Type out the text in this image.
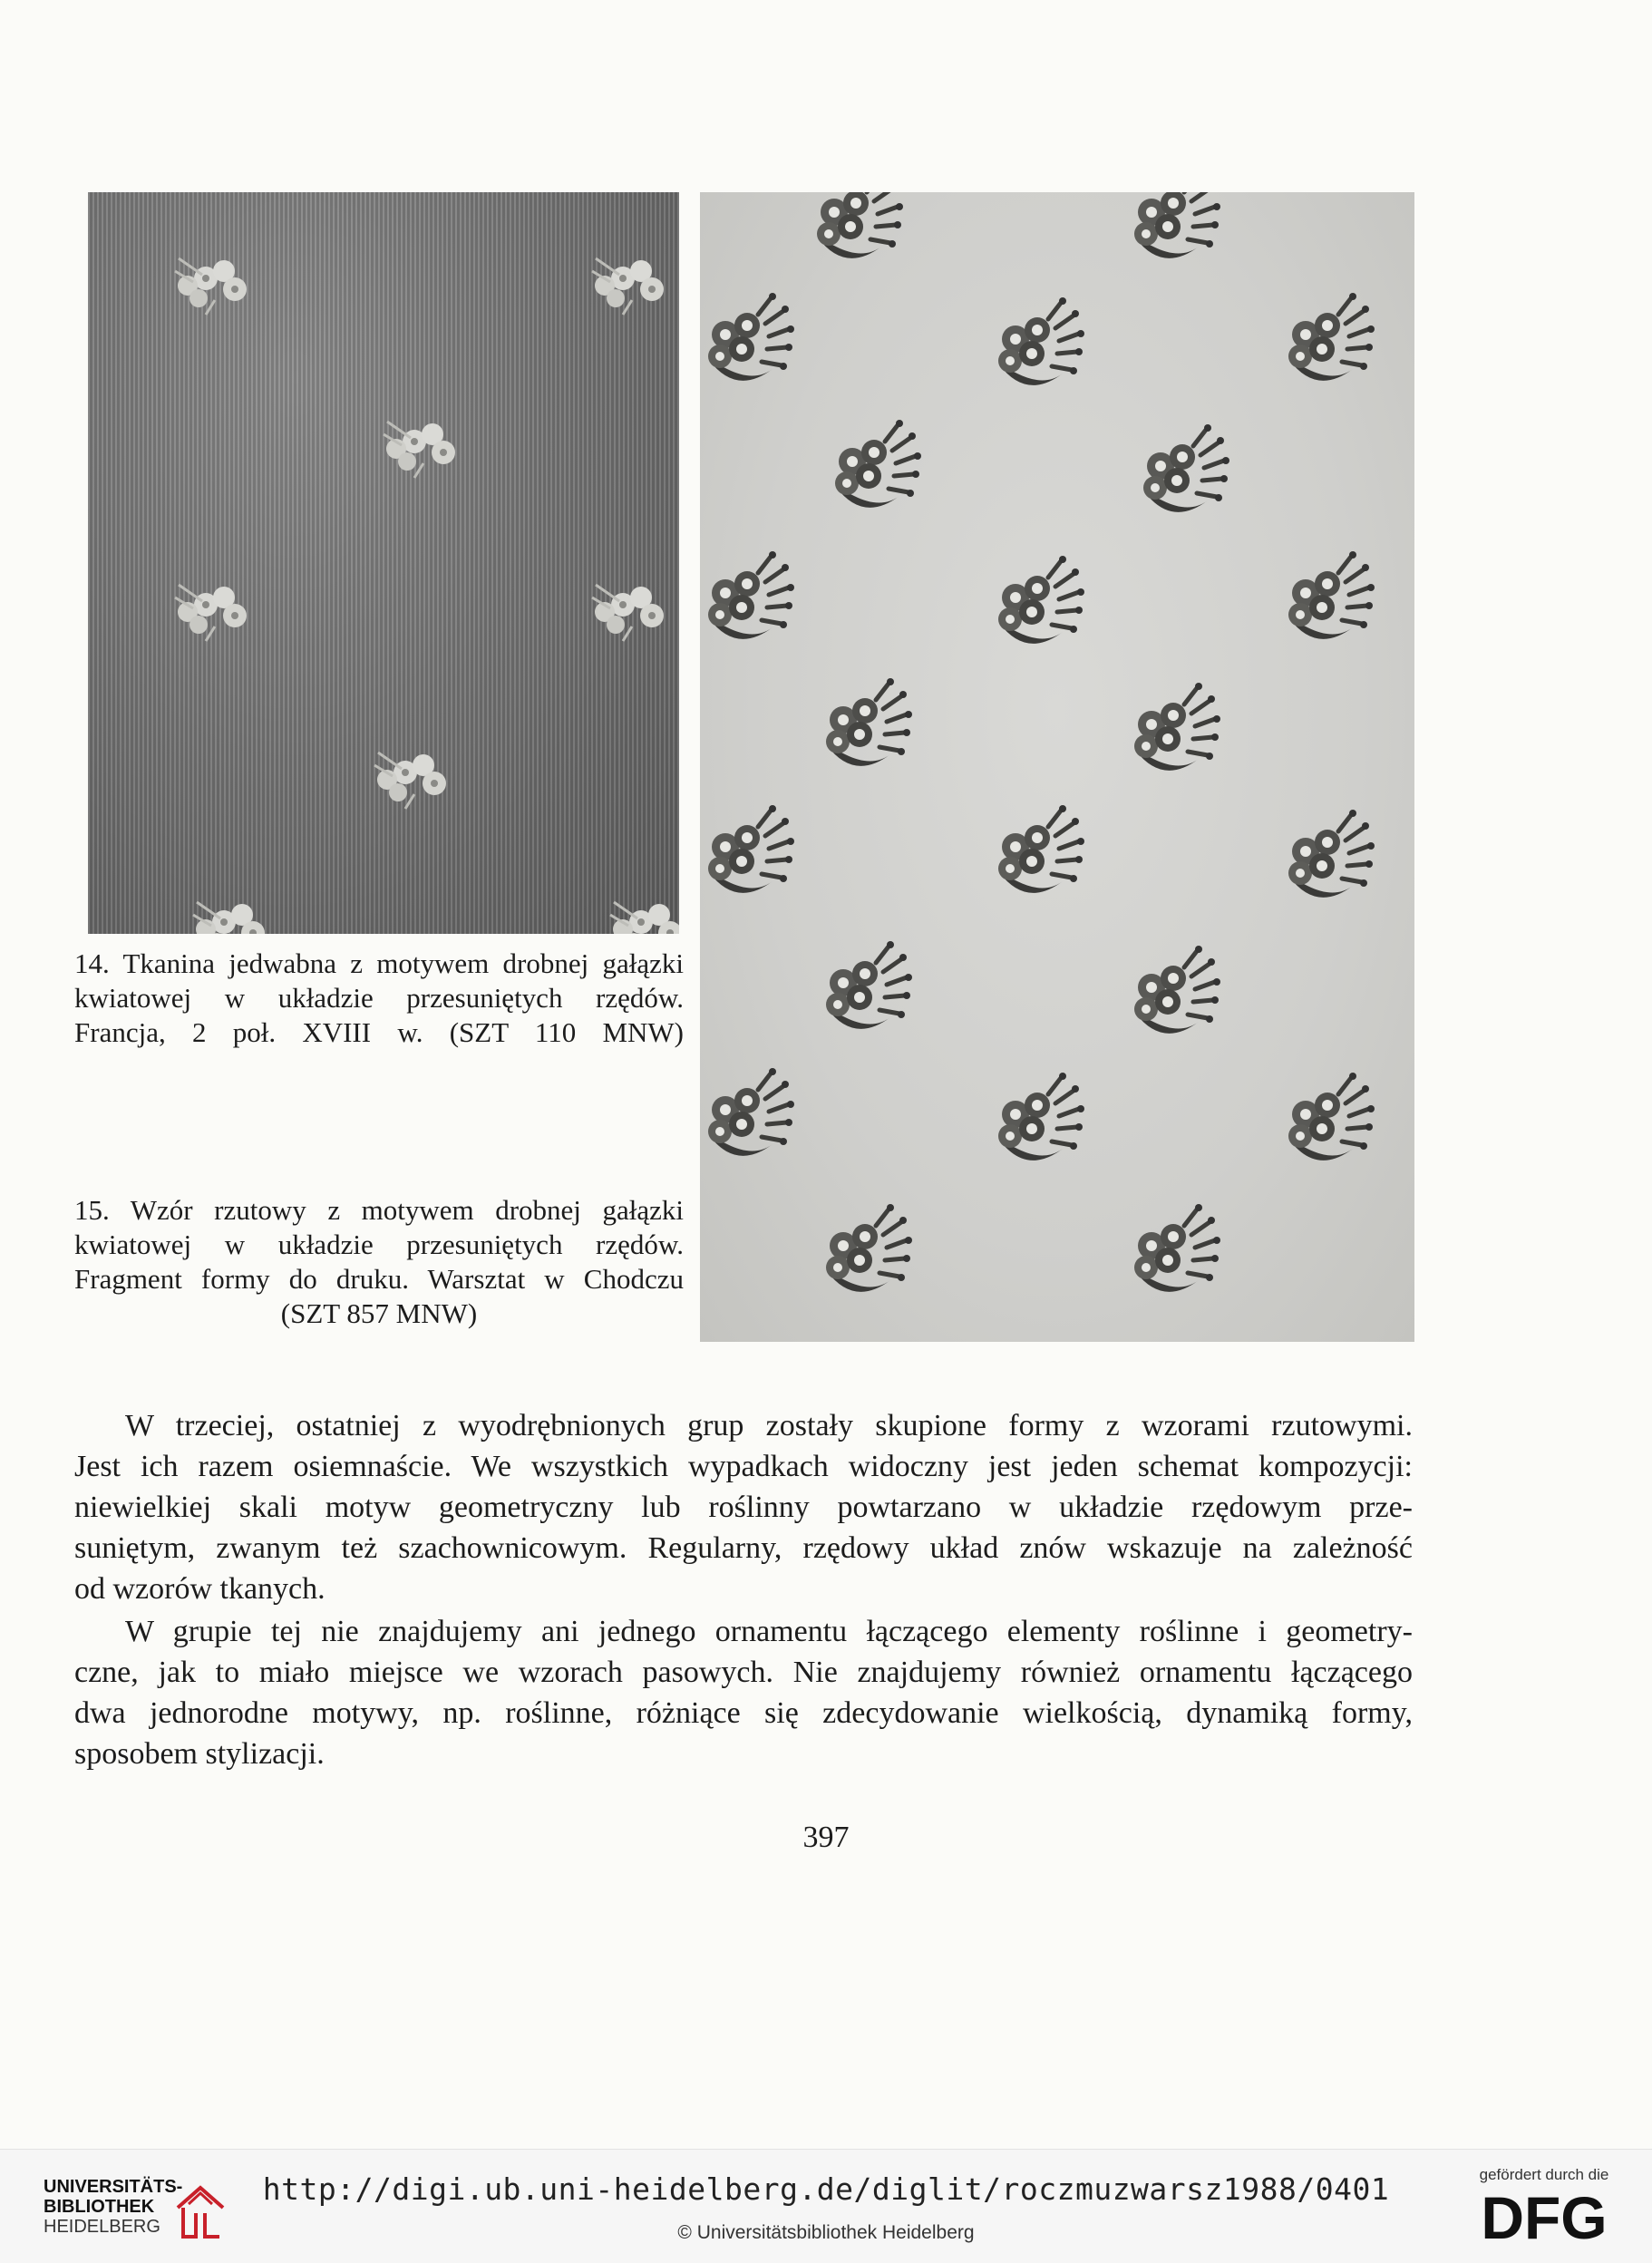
14. Tkanina jedwabna z motywem drobnej gałązki
kwiatowej w układzie przesuniętych rzędów.
Francja, 2 poł. XVIII w. (SZT 110 MNW)
15. Wzór rzutowy z motywem drobnej gałązki
kwiatowej w układzie przesuniętych rzędów.
Fragment formy do druku. Warsztat w Chodczu
(SZT 857 MNW)
W trzeciej, ostatniej z wyodrębnionych grup zostały skupione formy z wzorami rzutowymi.
Jest ich razem osiemnaście. We wszystkich wypadkach widoczny jest jeden schemat kompozycji:
niewielkiej skali motyw geometryczny lub roślinny powtarzano w układzie rzędowym prze-
suniętym, zwanym też szachownicowym. Regularny, rzędowy układ znów wskazuje na zależność
od wzorów tkanych.
W grupie tej nie znajdujemy ani jednego ornamentu łączącego elementy roślinne i geometry-
czne, jak to miało miejsce we wzorach pasowych. Nie znajdujemy również ornamentu łączącego
dwa jednorodne motywy, np. roślinne, różniące się zdecydowanie wielkością, dynamiką formy,
sposobem stylizacji.
397
UNIVERSITÄTS-
BIBLIOTHEK
HEIDELBERG
http://digi.ub.uni-heidelberg.de/diglit/roczmuzwarsz1988/0401
© Universitätsbibliothek Heidelberg
gefördert durch die
DFG
